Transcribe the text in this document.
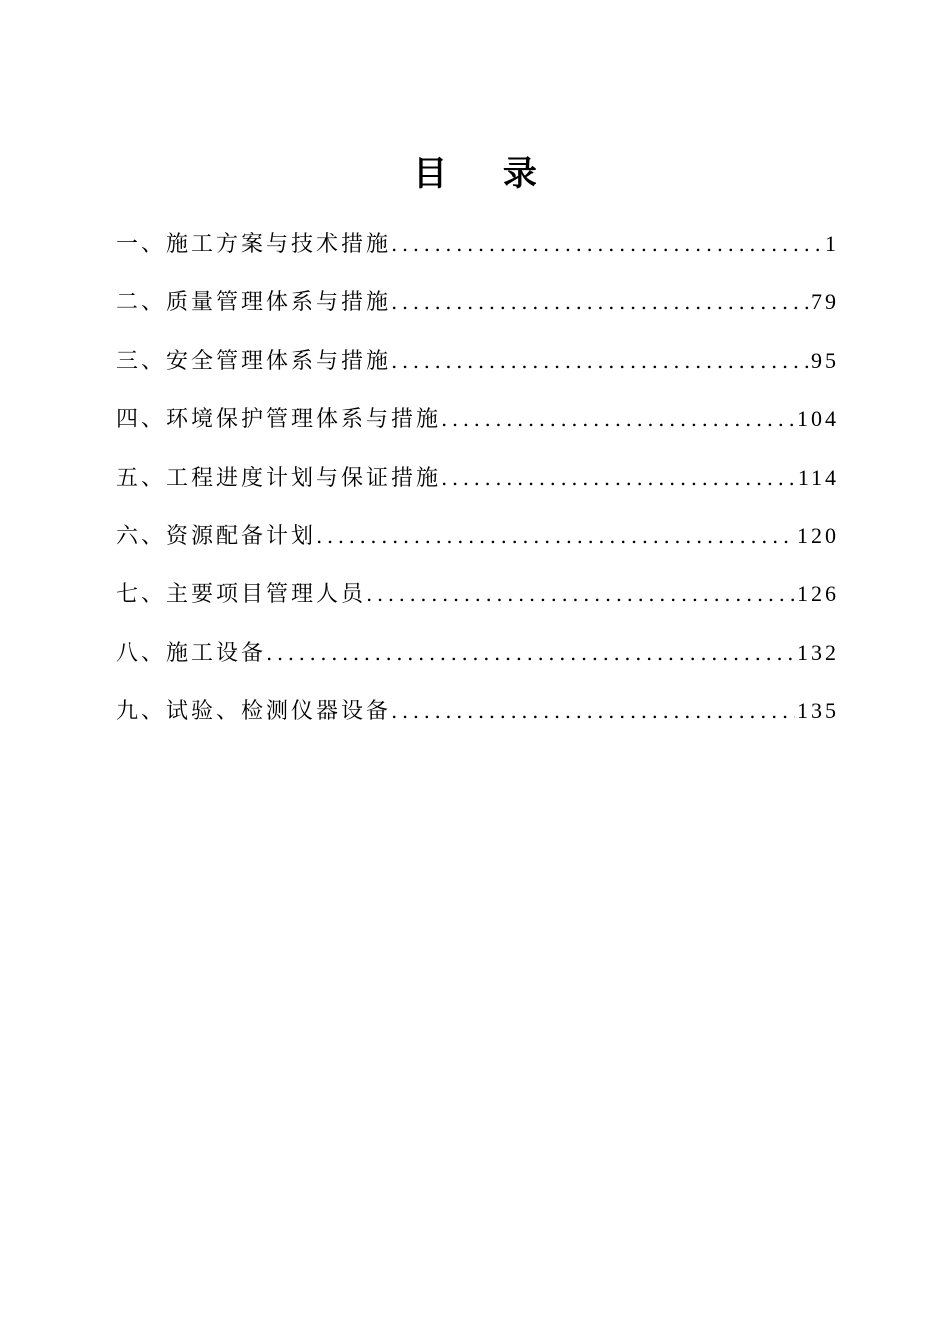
目 录
一、施工方案与技术措施 .....	1
二、质量管理体系与措施 .....	79
三、安全管理体系与措施 .....	95
四、环境保护管理体系与措施 .....	104
五、工程进度计划与保证措施 .....	114
六、资源配备计划 .....	120
七、主要项目管理人员 .....	126
八、施工设备 .....	132
九、试验、检测仪器设备 .....	135
